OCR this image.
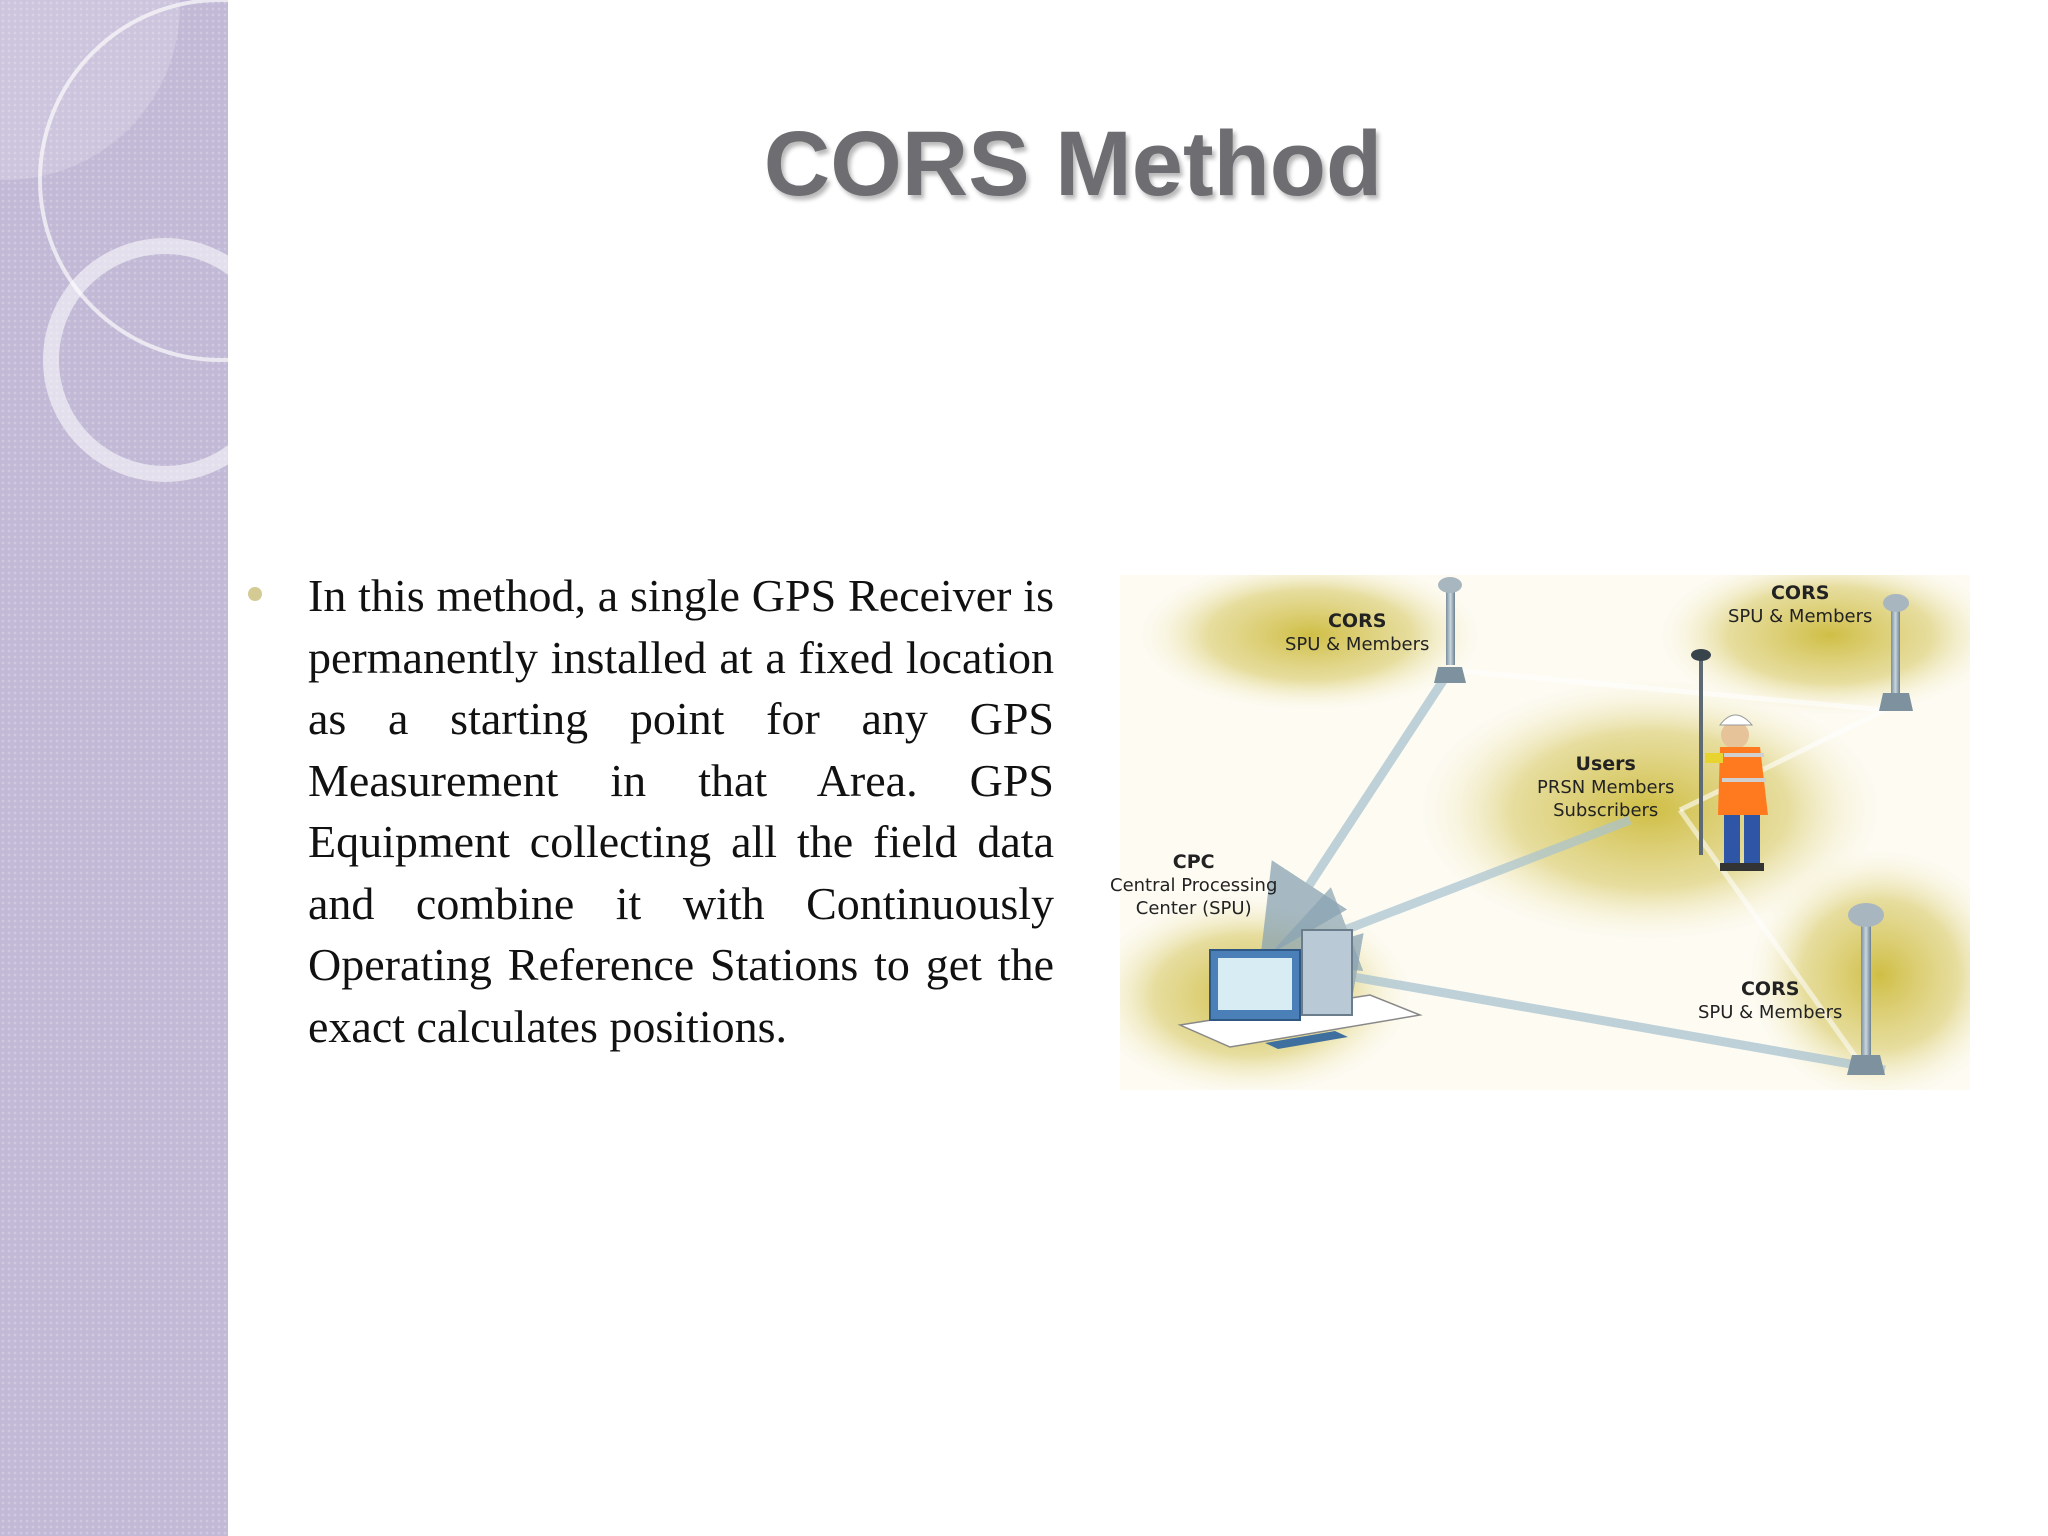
CORS Method

In this method, a single GPS Receiver is permanently installed at a fixed location as a starting point for any GPS Measurement in that Area. GPS Equipment collecting all the field data and combine it with Continuously Operating Reference Stations to get the exact calculates positions.

CORS
SPU & Members
CORS
SPU & Members
Users
PRSN Members
Subscribers
CPC
Central Processing
Center (SPU)
CORS
SPU & Members
